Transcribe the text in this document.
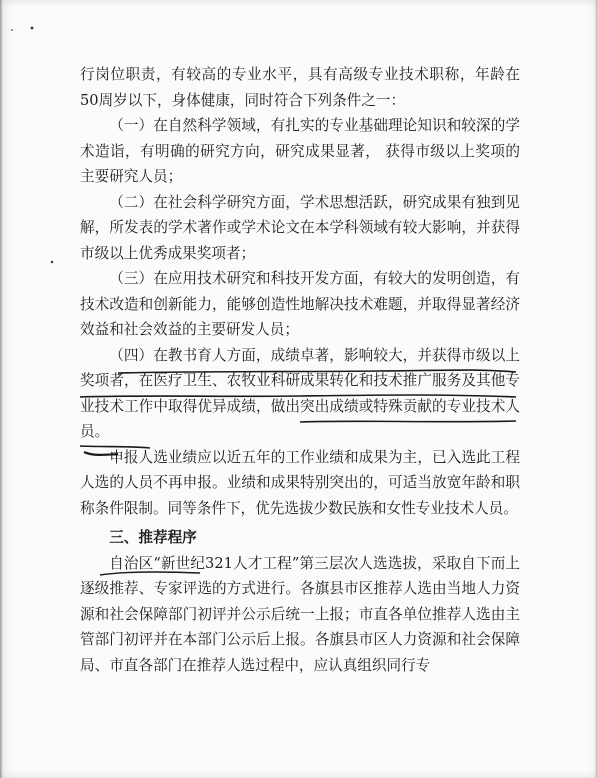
行岗位职责，有较高的专业水平，具有高级专业技术职称，年龄在50周岁以下，身体健康，同时符合下列条件之一：

（一）在自然科学领域，有扎实的专业基础理论知识和较深的学术造诣，有明确的研究方向，研究成果显著， 获得市级以上奖项的主要研究人员；

（二）在社会科学研究方面，学术思想活跃，研究成果有独到见解，所发表的学术著作或学术论文在本学科领域有较大影响，并获得市级以上优秀成果奖项者；

（三）在应用技术研究和科技开发方面，有较大的发明创造，有技术改造和创新能力，能够创造性地解决技术难题，并取得显著经济效益和社会效益的主要研发人员；

（四）在教书育人方面，成绩卓著，影响较大，并获得市级以上奖项者，在医疗卫生、农牧业科研成果转化和技术推广服务及其他专业技术工作中取得优异成绩，做出突出成绩或特殊贡献的专业技术人员。

申报人选业绩应以近五年的工作业绩和成果为主，已入选此工程人选的人员不再申报。业绩和成果特别突出的，可适当放宽年龄和职称条件限制。同等条件下，优先选拔少数民族和女性专业技术人员。

三、推荐程序

自治区“新世纪321人才工程”第三层次人选选拔，采取自下而上逐级推荐、专家评选的方式进行。各旗县市区推荐人选由当地人力资源和社会保障部门初评并公示后统一上报；市直各单位推荐人选由主管部门初评并在本部门公示后上报。各旗县市区人力资源和社会保障局、市直各部门在推荐人选过程中，应认真组织同行专
